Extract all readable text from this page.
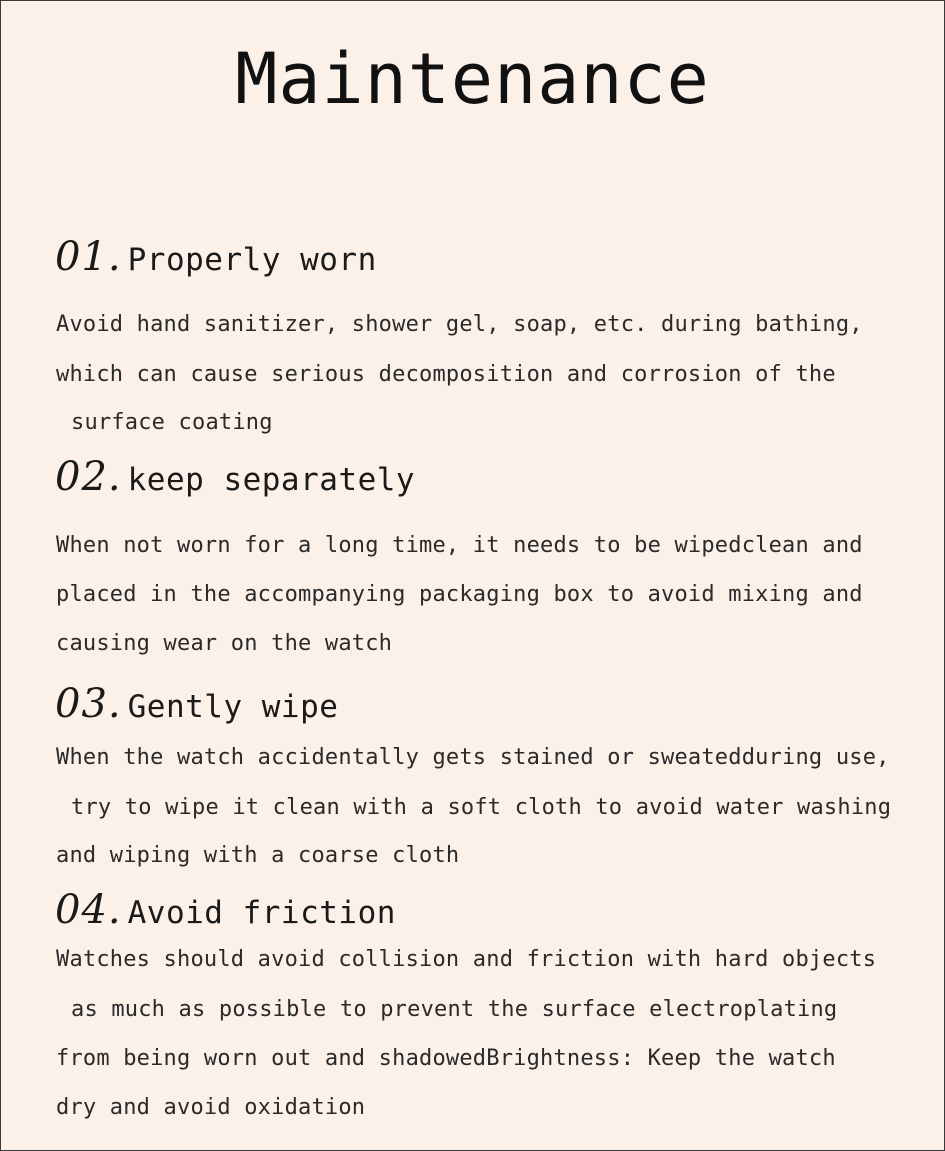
Maintenance
01. Properly worn
Avoid hand sanitizer, shower gel, soap, etc. during bathing,
which can cause serious decomposition and corrosion of the
surface coating
02. keep separately
When not worn for a long time, it needs to be wipedclean and
placed in the accompanying packaging box to avoid mixing and
causing wear on the watch
03. Gently wipe
When the watch accidentally gets stained or sweatedduring use,
try to wipe it clean with a soft cloth to avoid water washing
and wiping with a coarse cloth
04. Avoid friction
Watches should avoid collision and friction with hard objects
as much as possible to prevent the surface electroplating
from being worn out and shadowedBrightness: Keep the watch
dry and avoid oxidation
